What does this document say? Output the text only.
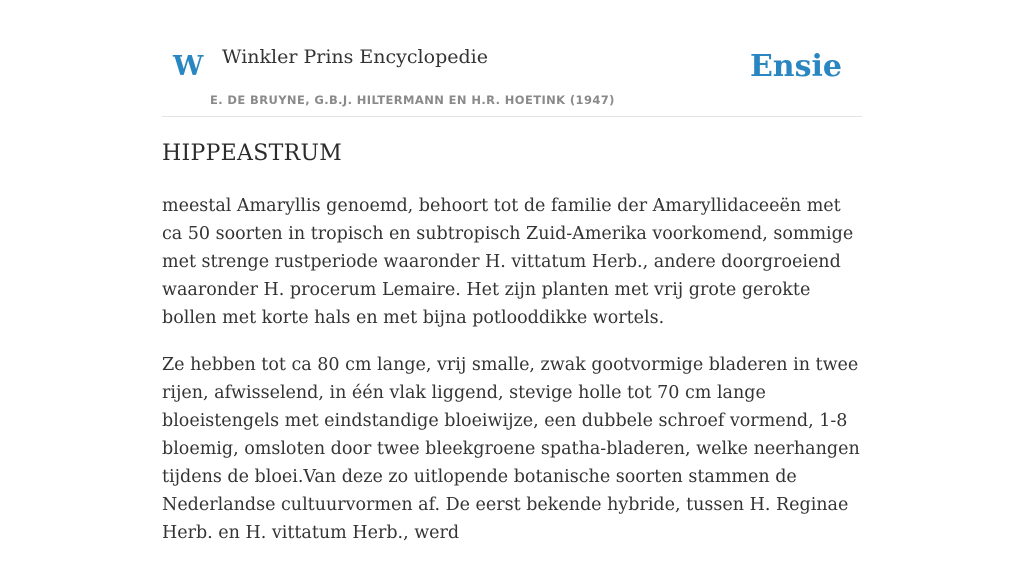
W Winkler Prins Encyclopedie
E. DE BRUYNE, G.B.J. HILTERMANN EN H.R. HOETINK (1947)
Ensie
HIPPEASTRUM

meestal Amaryllis genoemd, behoort tot de familie der Amaryllidaceeën met ca 50 soorten in tropisch en subtropisch Zuid-Amerika voorkomend, sommige met strenge rustperiode waaronder H. vittatum Herb., andere doorgroeiend waaronder H. procerum Lemaire. Het zijn planten met vrij grote gerokte bollen met korte hals en met bijna potlooddikke wortels.

Ze hebben tot ca 80 cm lange, vrij smalle, zwak gootvormige bladeren in twee rijen, afwisselend, in één vlak liggend, stevige holle tot 70 cm lange bloeistengels met eindstandige bloeiwijze, een dubbele schroef vormend, 1-8 bloemig, omsloten door twee bleekgroene spatha-bladeren, welke neerhangen tijdens de bloei.Van deze zo uitlopende botanische soorten stammen de Nederlandse cultuurvormen af. De eerst bekende hybride, tussen H. Reginae Herb. en H. vittatum Herb., werd
